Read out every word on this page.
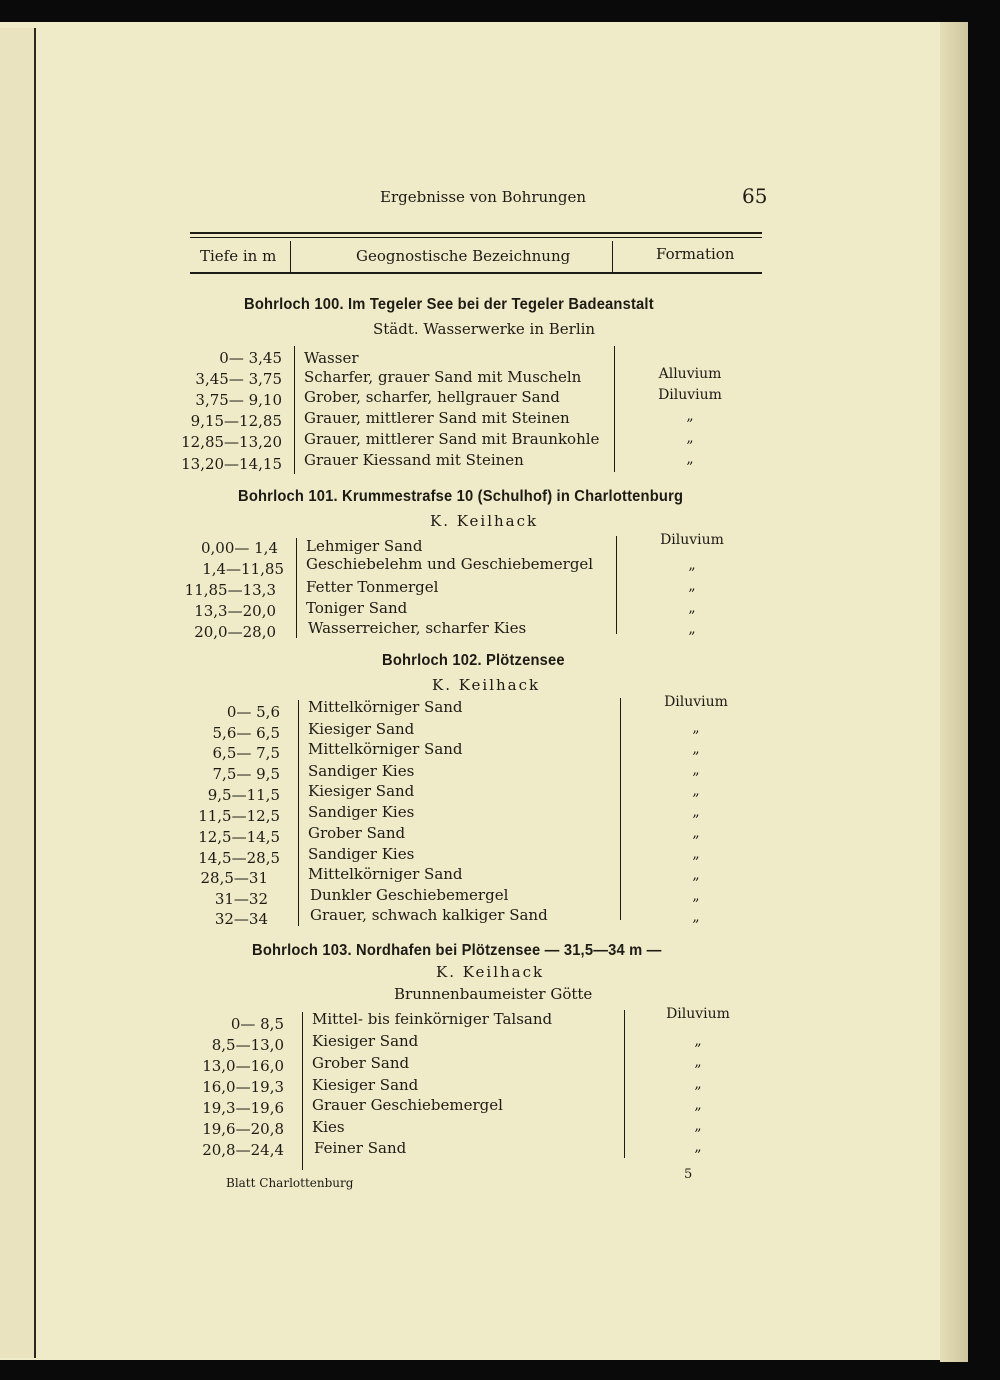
Ergebnisse von Bohrungen	65
Tiefe in m	Geognostische Bezeichnung	Formation
Bohrloch 100. Im Tegeler See bei der Tegeler Badeanstalt
Städt. Wasserwerke in Berlin
0— 3,45 Wasser
3,45— 3,75 Scharfer, grauer Sand mit Muscheln	Alluvium
3,75— 9,10 Grober, scharfer, hellgrauer Sand	Diluvium
9,15—12,85 Grauer, mittlerer Sand mit Steinen	„
12,85—13,20 Grauer, mittlerer Sand mit Braunkohle	„
13,20—14,15 Grauer Kiessand mit Steinen	„
Bohrloch 101. Krummestrafse 10 (Schulhof) in Charlottenburg
K. Keilhack
0,00— 1,4 Lehmiger Sand	Diluvium
1,4—11,85 Geschiebelehm und Geschiebemergel	„
11,85—13,3 Fetter Tonmergel	„
13,3—20,0 Toniger Sand	„
20,0—28,0 Wasserreicher, scharfer Kies	„
Bohrloch 102. Plötzensee
K. Keilhack
0— 5,6 Mittelkörniger Sand	Diluvium
5,6— 6,5 Kiesiger Sand	„
6,5— 7,5 Mittelkörniger Sand	„
7,5— 9,5 Sandiger Kies	„
9,5—11,5 Kiesiger Sand	„
11,5—12,5 Sandiger Kies	„
12,5—14,5 Grober Sand	„
14,5—28,5 Sandiger Kies	„
28,5—31	Mittelkörniger Sand	„
31—32	Dunkler Geschiebemergel	„
32—34	Grauer, schwach kalkiger Sand	„
Bohrloch 103. Nordhafen bei Plötzensee — 31,5—34 m —
K. Keilhack
Brunnenbaumeister Götte
0— 8,5 Mittel- bis feinkörniger Talsand	Diluvium
8,5—13,0 Kiesiger Sand	„
13,0—16,0 Grober Sand	„
16,0—19,3 Kiesiger Sand	„
19,3—19,6 Grauer Geschiebemergel	„
19,6—20,8 Kies	„
20,8—24,4 Feiner Sand	„
Blatt Charlottenburg
5
